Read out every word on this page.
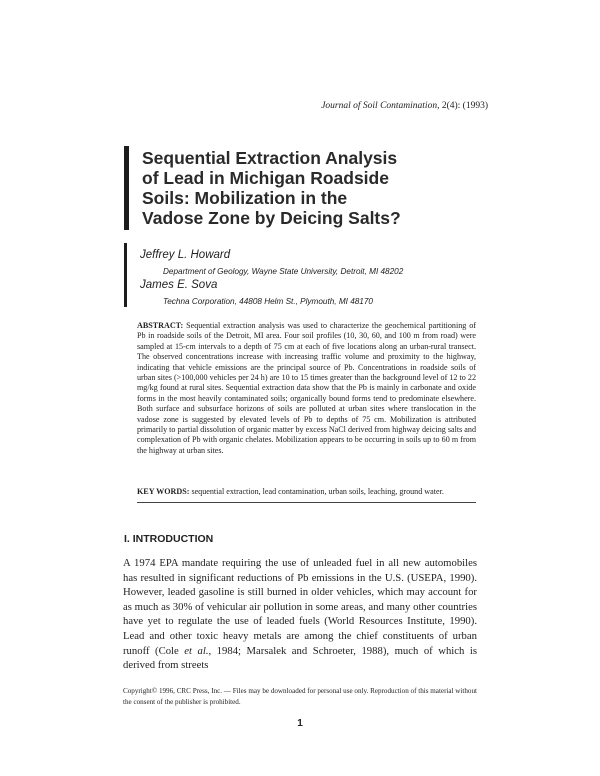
Journal of Soil Contamination, 2(4): (1993)
Sequential Extraction Analysis
of Lead in Michigan Roadside
Soils: Mobilization in the
Vadose Zone by Deicing Salts?
Jeffrey L. Howard
Department of Geology, Wayne State University, Detroit, MI 48202
James E. Sova
Techna Corporation, 44808 Helm St., Plymouth, MI 48170

ABSTRACT: Sequential extraction analysis was used to characterize the geochemical partitioning of Pb in roadside soils of the Detroit, MI area. Four soil profiles (10, 30, 60, and 100 m from road) were sampled at 15-cm intervals to a depth of 75 cm at each of five locations along an urban-rural transect. The observed concentrations increase with increasing traffic volume and proximity to the highway, indicating that vehicle emissions are the principal source of Pb. Concentrations in roadside soils of urban sites (>100,000 vehicles per 24 h) are 10 to 15 times greater than the background level of 12 to 22 mg/kg found at rural sites. Sequential extraction data show that the Pb is mainly in carbonate and oxide forms in the most heavily contaminated soils; organically bound forms tend to predominate elsewhere. Both surface and subsurface horizons of soils are polluted at urban sites where translocation in the vadose zone is suggested by elevated levels of Pb to depths of 75 cm. Mobilization is attributed primarily to partial dissolution of organic matter by excess NaCl derived from highway deicing salts and complexation of Pb with organic chelates. Mobilization appears to be occurring in soils up to 60 m from the highway at urban sites.

KEY WORDS: sequential extraction, lead contamination, urban soils, leaching, ground water.
I. INTRODUCTION

A 1974 EPA mandate requiring the use of unleaded fuel in all new automobiles has resulted in significant reductions of Pb emissions in the U.S. (USEPA, 1990). However, leaded gasoline is still burned in older vehicles, which may account for as much as 30% of vehicular air pollution in some areas, and many other countries have yet to regulate the use of leaded fuels (World Resources Institute, 1990). Lead and other toxic heavy metals are among the chief constituents of urban runoff (Cole et al., 1984; Marsalek and Schroeter, 1988), much of which is derived from streets

Copyright© 1996, CRC Press, Inc. — Files may be downloaded for personal use only. Reproduction of this material without the consent of the publisher is prohibited.

1
